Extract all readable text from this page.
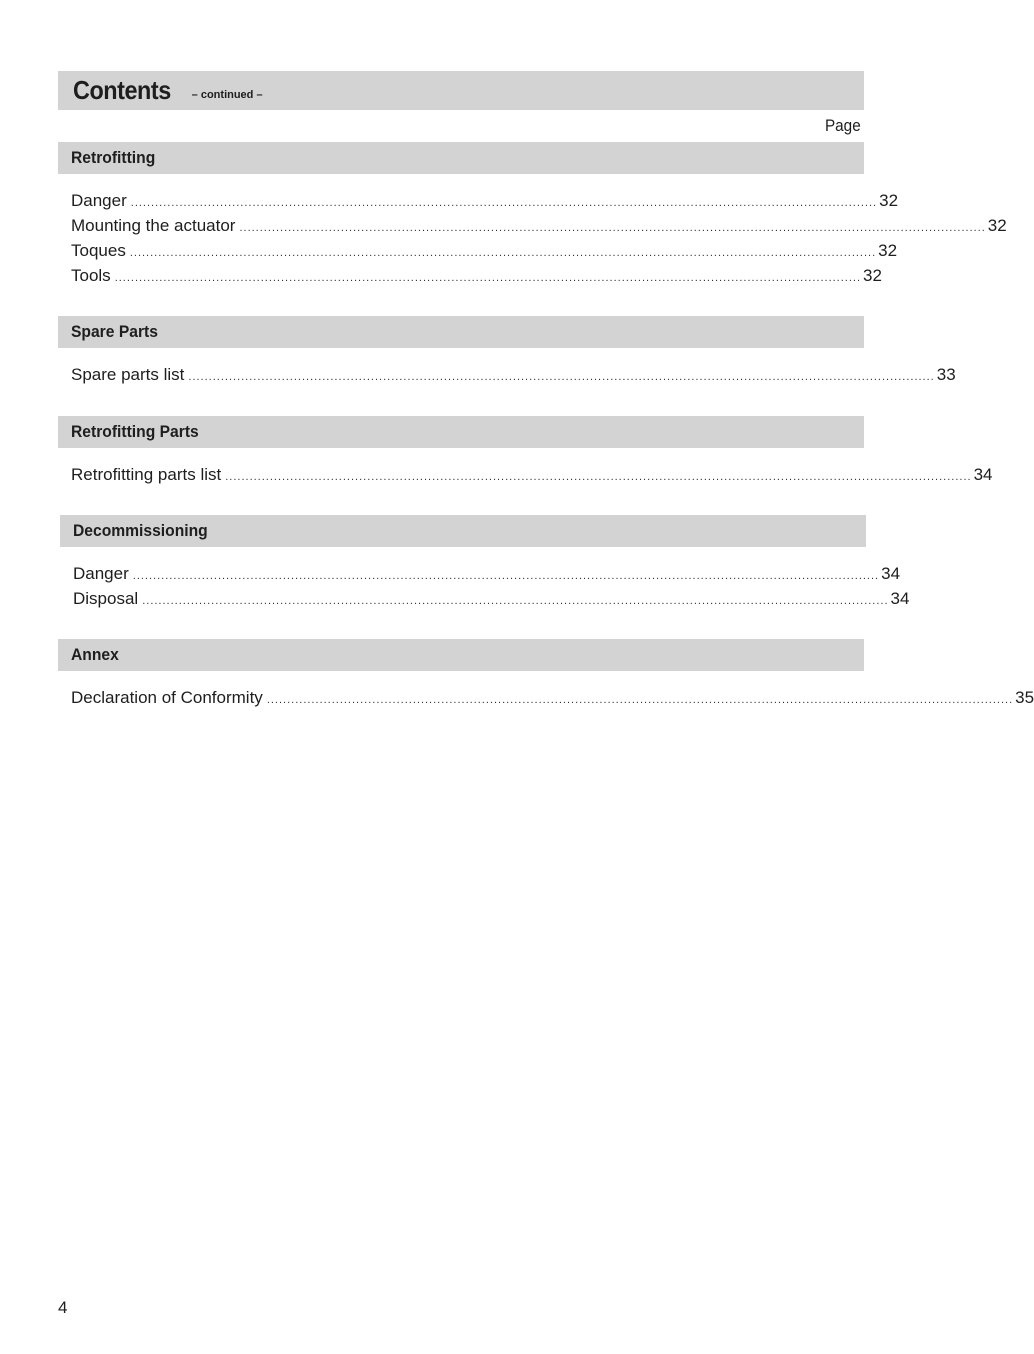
Contents – continued –
Page
Retrofitting
Danger ........................................................................................................................................................................................ 32
Mounting the actuator ........................................................................................................................................................................................ 32
Toques ........................................................................................................................................................................................ 32
Tools ........................................................................................................................................................................................ 32
Spare Parts
Spare parts list ........................................................................................................................................................................................ 33
Retrofitting Parts
Retrofitting parts list ........................................................................................................................................................................................ 34
Decommissioning
Danger ........................................................................................................................................................................................ 34
Disposal ........................................................................................................................................................................................ 34
Annex
Declaration of Conformity ........................................................................................................................................................................................ 35
4
